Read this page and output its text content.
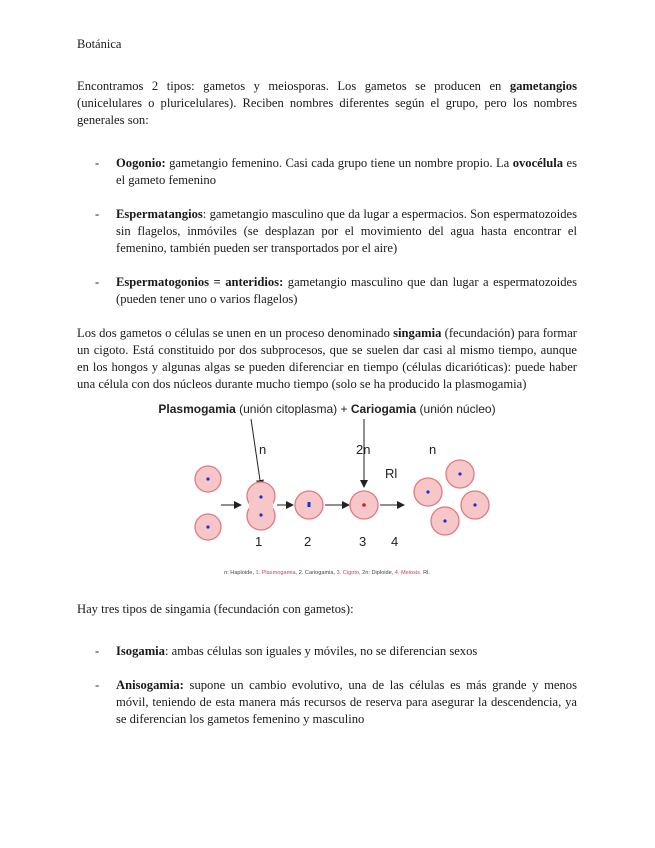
Botánica

Encontramos 2 tipos: gametos y meiosporas. Los gametos se producen en gametangios (unicelulares o pluricelulares). Reciben nombres diferentes según el grupo, pero los nombres generales son:

- Oogonio: gametangio femenino. Casi cada grupo tiene un nombre propio. La ovocélula es el gameto femenino
- Espermatangios: gametangio masculino que da lugar a espermacios. Son espermatozoides sin flagelos, inmóviles (se desplazan por el movimiento del agua hasta encontrar el femenino, también pueden ser transportados por el aire)
- Espermatogonios = anteridios: gametangio masculino que dan lugar a espermatozoides (pueden tener uno o varios flagelos)

Los dos gametos o células se unen en un proceso denominado singamia (fecundación) para formar un cigoto. Está constituido por dos subprocesos, que se suelen dar casi al mismo tiempo, aunque en los hongos y algunas algas se pueden diferenciar en tiempo (células dicarióticas): puede haber una célula con dos núcleos durante mucho tiempo (solo se ha producido la plasmogamia)

Plasmogamia (unión citoplasma) + Cariogamia (unión núcleo)
n	2n
Rl
n
1	2	3 4
n: Haploide, 1. Plasmogamia, 2. Cariogamia, 3. Cigoto, 2n: Diploide, 4. Meiosis. Rl.

Hay tres tipos de singamia (fecundación con gametos):

- Isogamia: ambas células son iguales y móviles, no se diferencian sexos
- Anisogamia: supone un cambio evolutivo, una de las células es más grande y menos móvil, teniendo de esta manera más recursos de reserva para asegurar la descendencia, ya se diferencian los gametos femenino y masculino
